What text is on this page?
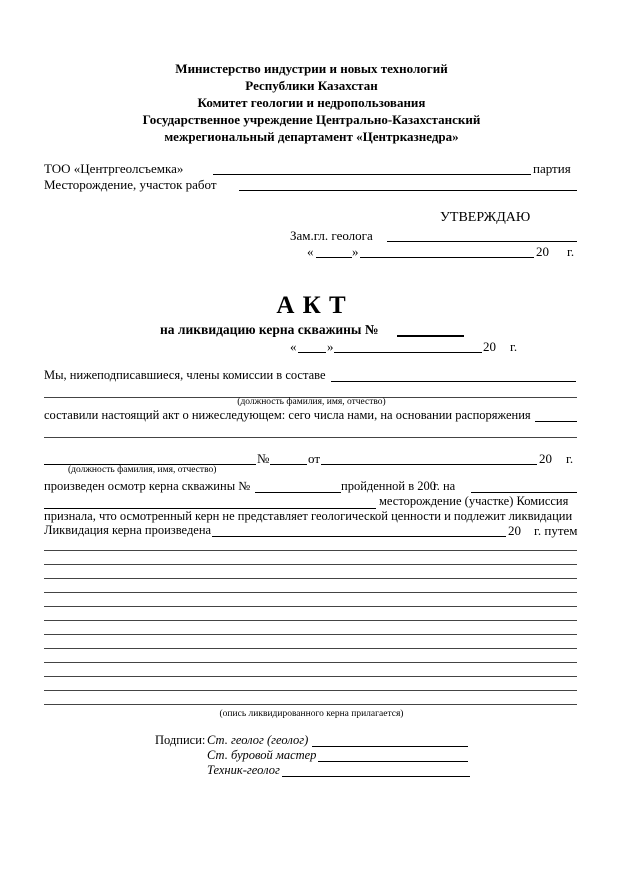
Министерство индустрии и новых технологий
Республики Казахстан
Комитет геологии и недропользования
Государственное учреждение Центрально-Казахстанский
межрегиональный департамент «Центрказнедра»
ТОО «Центргеолсъемка»	партия
Месторождение, участок работ
УТВЕРЖДАЮ
Зам.гл. геолога
«	»	20 г.
А К Т
на ликвидацию керна скважины №
« »	20 г.
Мы, нижеподписавшиеся, члены комиссии в составе
(должность фамилия, имя, отчество)
составили настоящий акт о нижеследующем: сего числа нами, на основании распоряжения
№	от	20 г.
(должность фамилия, имя, отчество)
произведен осмотр керна скважины №	пройденной в 200
г. на
месторождение (участке) Комиссия
признала, что осмотренный керн не представляет геологической ценности и подлежит ликвидации
Ликвидация керна произведена	20 г. путем
(опись ликвидированного керна прилагается)
Подписи: Ст. геолог (геолог)
Ст. буровой мастер
Техник-геолог
